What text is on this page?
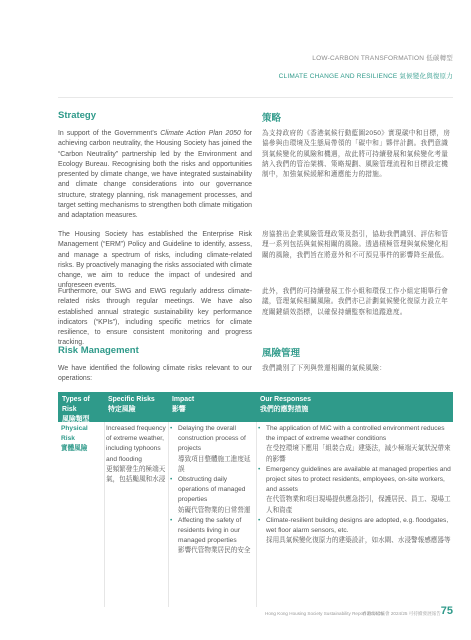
LOW-CARBON TRANSFORMATION 低碳轉型
CLIMATE CHANGE AND RESILIENCE 氣候變化與復原力
Strategy	策略
In support of the Government’s Climate Action Plan 2050 for achieving carbon neutrality, the Housing Society has joined the “Carbon Neutrality” partnership led by the Environment and Ecology Bureau. Recognising both the risks and opportunities presented by climate change, we have integrated sustainability and climate change considerations into our governance structure, strategy planning, risk management processes, and target setting mechanisms to strengthen both climate mitigation and adaptation measures.
為支持政府的《香港氣候行動藍圖2050》實現碳中和目標，房協參與由環境及生態局帶領的「碳中和」夥伴計劃。我們意識到氣候變化的風險和機遇，故此將可持續發展和氣候變化考量納入我們的管治架構、策略規劃、風險管理流程和目標設定機制中，加強氣候緩解和適應能力的措施。
The Housing Society has established the Enterprise Risk Management (“ERM”) Policy and Guideline to identify, assess, and manage a spectrum of risks, including climate-related risks. By proactively managing the risks associated with climate change, we aim to reduce the impact of undesired and unforeseen events.
房協推出企業風險管理政策及指引，協助我們識別、評估和管理一系列包括與氣候相關的風險。透過積極管理與氣候變化相關的風險，我們旨在將意外和不可預見事件的影響降至最低。
Furthermore, our SWG and EWG regularly address climate-related risks through regular meetings. We have also established annual strategic sustainability key performance indicators (“KPIs”), including specific metrics for climate resilience, to ensure consistent monitoring and progress tracking.
此外，我們的可持續發展工作小組和環保工作小組定期舉行會議，管理氣候相關風險。我們亦已計劃氣候變化復原力設立年度關鍵績效指標，以確保持續監察和追蹤進度。
Risk Management	風險管理
We have identified the following climate risks relevant to our operations:
我們識別了下列與營運相關的氣候風險：
Types of Risk
風險類型
Specific Risks
特定風險
Impact
影響
Our Responses
我們的應對措施
Physical Risk
實體風險
Increased frequency of extreme weather, including typhoons and flooding
更頻繁發生的極端天氣，包括颱風和水浸
• Delaying the overall construction process of projects
導致項目整體施工進度延誤
• Obstructing daily operations of managed properties
妨礙代管物業的日常營運
• Affecting the safety of residents living in our managed properties
影響代管物業居民的安全
• The application of MiC with a controlled environment reduces the impact of extreme weather conditions
在受控環境下應用「組裝合成」建築法，減少極端天氣狀況帶來的影響
• Emergency guidelines are available at managed properties and project sites to protect residents, employees, on-site workers, and assets
在代管物業和項目現場提供應急指引，保護居民、員工、現場工人和資產
• Climate-resilient building designs are adopted, e.g. floodgates, wet floor alarm sensors, etc.
採用具氣候變化復原力的建築設計，如水閘、水浸警報感應器等
Hong Kong Housing Society Sustainability Report 2024/25
香港房屋協會 2024/25 可持續發展報告 75
